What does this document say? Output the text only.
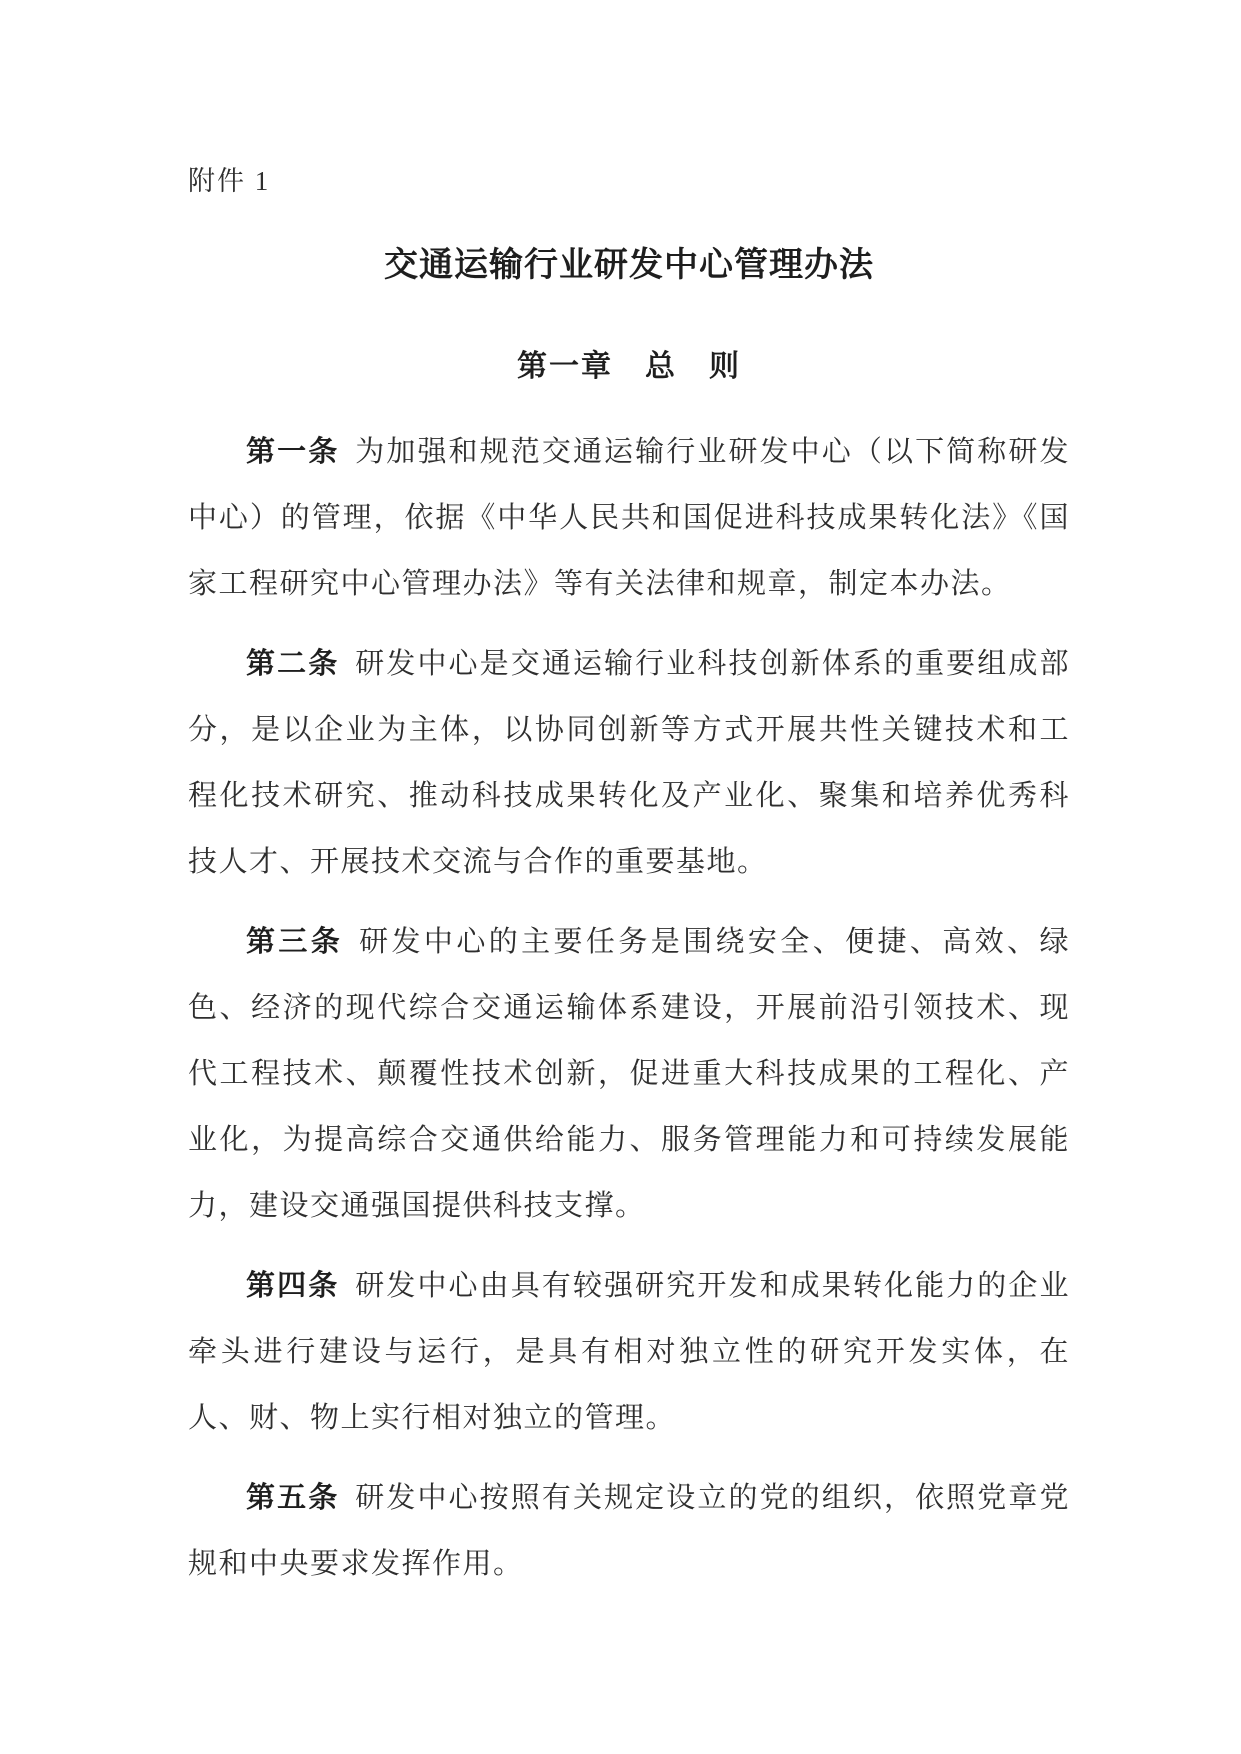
附件 1
交通运输行业研发中心管理办法
第一章　总　则

第一条 为加强和规范交通运输行业研发中心（以下简称研发中心）的管理，依据《中华人民共和国促进科技成果转化法》《国家工程研究中心管理办法》等有关法律和规章，制定本办法。

第二条 研发中心是交通运输行业科技创新体系的重要组成部分，是以企业为主体，以协同创新等方式开展共性关键技术和工程化技术研究、推动科技成果转化及产业化、聚集和培养优秀科技人才、开展技术交流与合作的重要基地。

第三条 研发中心的主要任务是围绕安全、便捷、高效、绿色、经济的现代综合交通运输体系建设，开展前沿引领技术、现代工程技术、颠覆性技术创新，促进重大科技成果的工程化、产业化，为提高综合交通供给能力、服务管理能力和可持续发展能力，建设交通强国提供科技支撑。

第四条 研发中心由具有较强研究开发和成果转化能力的企业牵头进行建设与运行，是具有相对独立性的研究开发实体，在人、财、物上实行相对独立的管理。

第五条 研发中心按照有关规定设立的党的组织，依照党章党规和中央要求发挥作用。
